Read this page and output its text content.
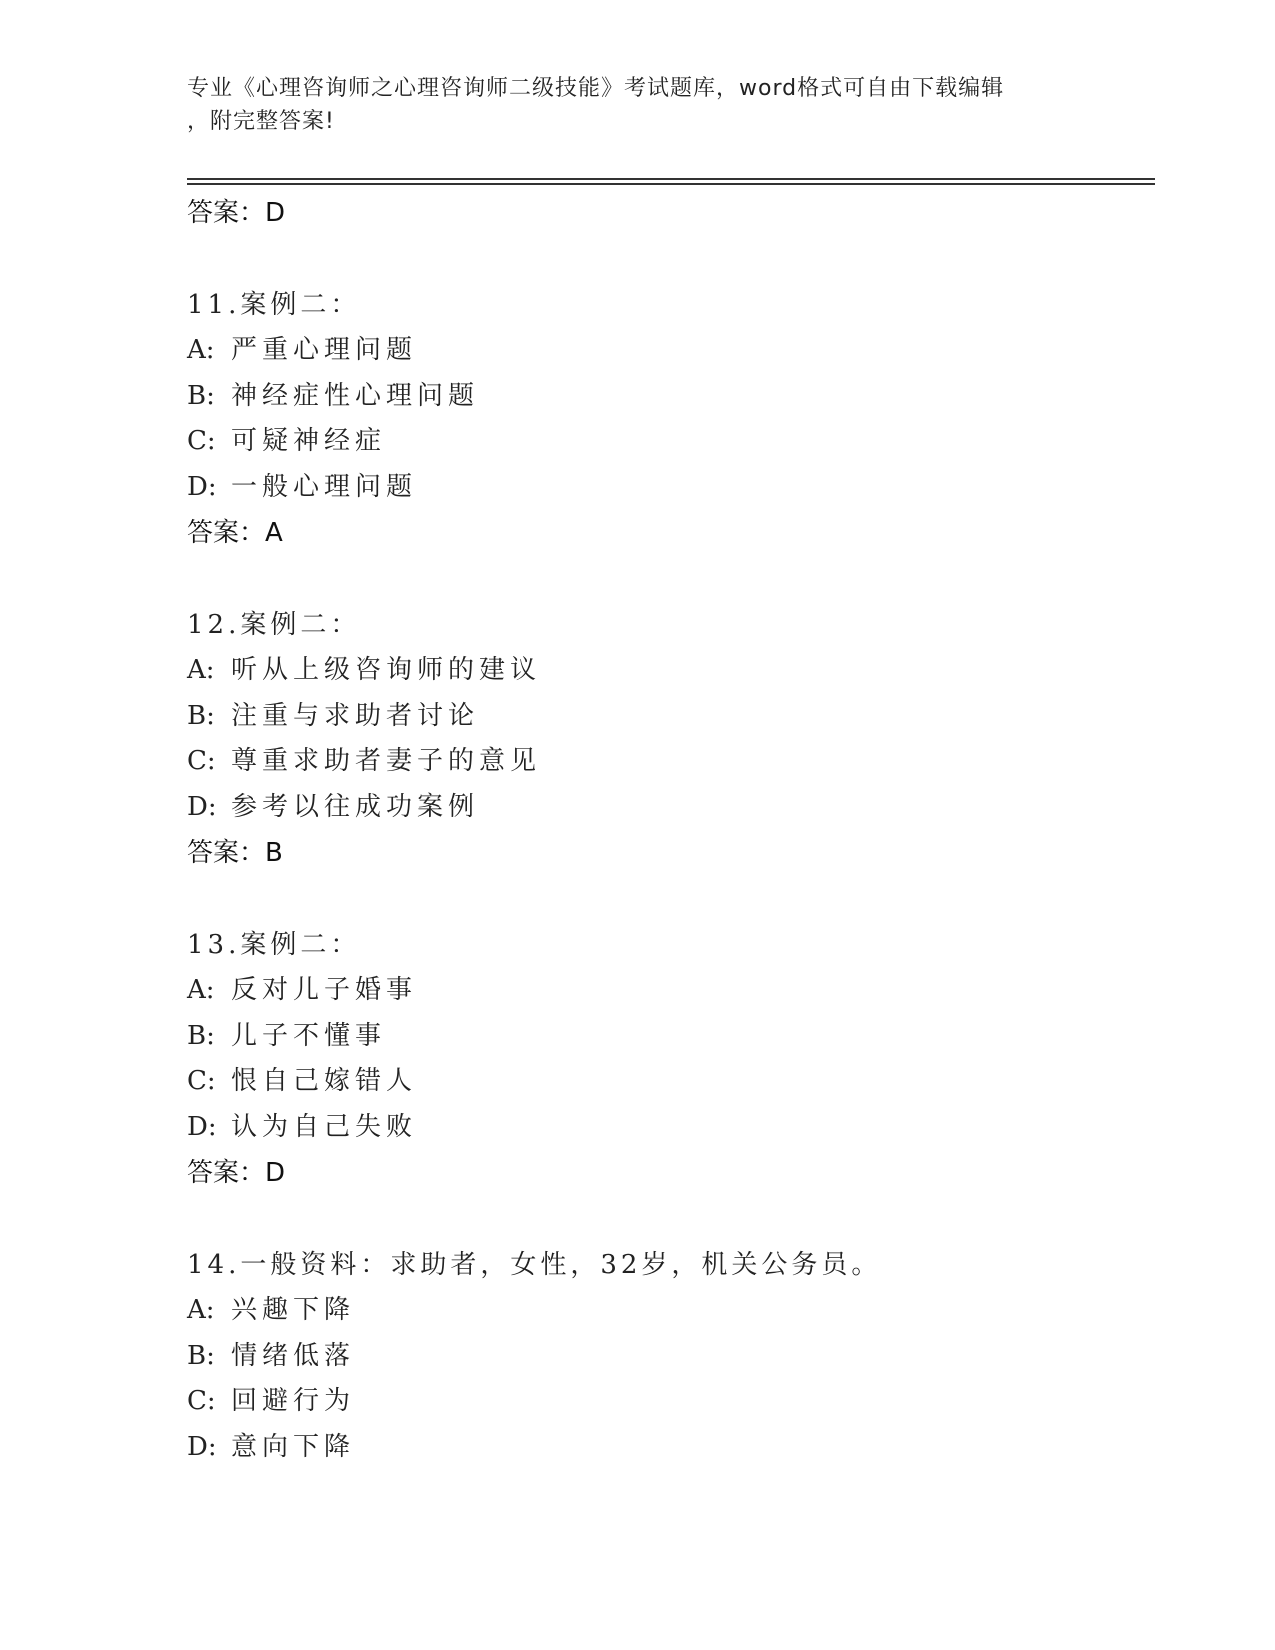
专业《心理咨询师之心理咨询师二级技能》考试题库，word格式可自由下载编辑
，附完整答案!
答案：D
11.案例二：
A: 严重心理问题
B: 神经症性心理问题
C: 可疑神经症
D: 一般心理问题
答案：A
12.案例二：
A: 听从上级咨询师的建议
B: 注重与求助者讨论
C: 尊重求助者妻子的意见
D: 参考以往成功案例
答案：B
13.案例二：
A: 反对儿子婚事
B: 儿子不懂事
C: 恨自己嫁错人
D: 认为自己失败
答案：D
14.一般资料：求助者，女性，32岁，机关公务员。
A: 兴趣下降
B: 情绪低落
C: 回避行为
D: 意向下降
